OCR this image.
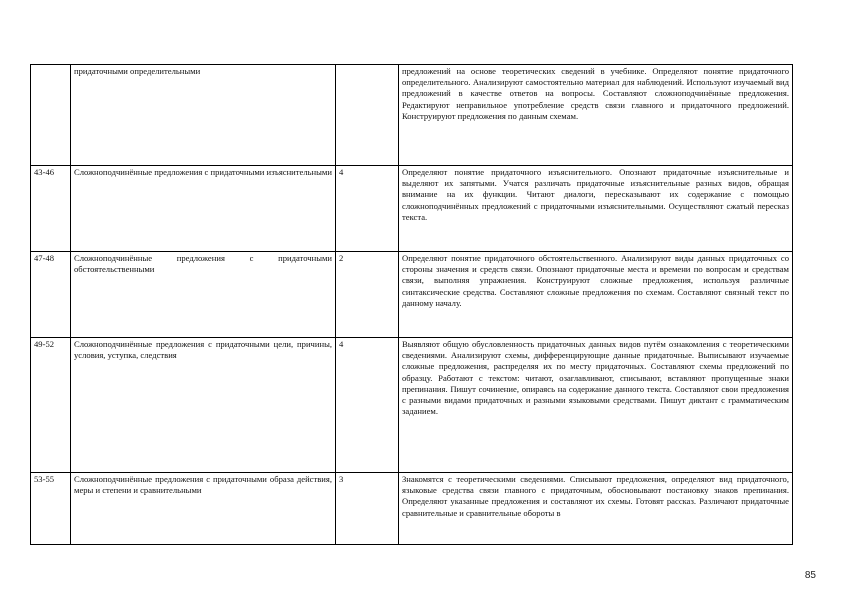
	придаточными определительными		предложений на основе теоретических сведений в учебнике. Определяют понятие придаточного определительного. Анализируют самостоятельно материал для наблюдений. Используют изучаемый вид предложений в качестве ответов на вопросы. Составляют сложноподчинённые предложения. Редактируют неправильное употребление средств связи главного и придаточного предложений. Конструируют предложения по данным схемам.
43-46	Сложноподчинённые предложения с придаточными изъяснительными	4	Определяют понятие придаточного изъяснительного. Опознают придаточные изъяснительные и выделяют их запятыми. Учатся различать придаточные изъяснительные разных видов, обращая внимание на их функции. Читают диалоги, пересказывают их содержание с помощью сложноподчинённых предложений с придаточными изъяснительными. Осуществляют сжатый пересказ текста.
47-48	Сложноподчинённые предложения с придаточными обстоятельственными	2	Определяют понятие придаточного обстоятельственного. Анализируют виды данных придаточных со стороны значения и средств связи. Опознают придаточные места и времени по вопросам и средствам связи, выполняя упражнения. Конструируют сложные предложения, используя различные синтаксические средства. Составляют сложные предложения по схемам. Составляют связный текст по данному началу.
49-52	Сложноподчинённые предложения с придаточными цели, причины, условия, уступка, следствия	4	Выявляют общую обусловленность придаточных данных видов путём ознакомления с теоретическими сведениями. Анализируют схемы, дифференцирующие данные придаточные. Выписывают изучаемые сложные предложения, распределяя их по месту придаточных. Составляют схемы предложений по образцу. Работают с текстом: читают, озаглавливают, списывают, вставляют пропущенные знаки препинания. Пишут сочинение, опираясь на содержание данного текста. Составляют свои предложения с разными видами придаточных и разными языковыми средствами. Пишут диктант с грамматическим заданием.
53-55	Сложноподчинённые предложения с придаточными образа действия, меры и степени и сравнительными	3	Знакомятся с теоретическими сведениями. Списывают предложения, определяют вид придаточного, языковые средства связи главного с придаточным, обосновывают постановку знаков препинания. Определяют указанные предложения и составляют их схемы. Готовят рассказ. Различают придаточные сравнительные и сравнительные обороты в
85
